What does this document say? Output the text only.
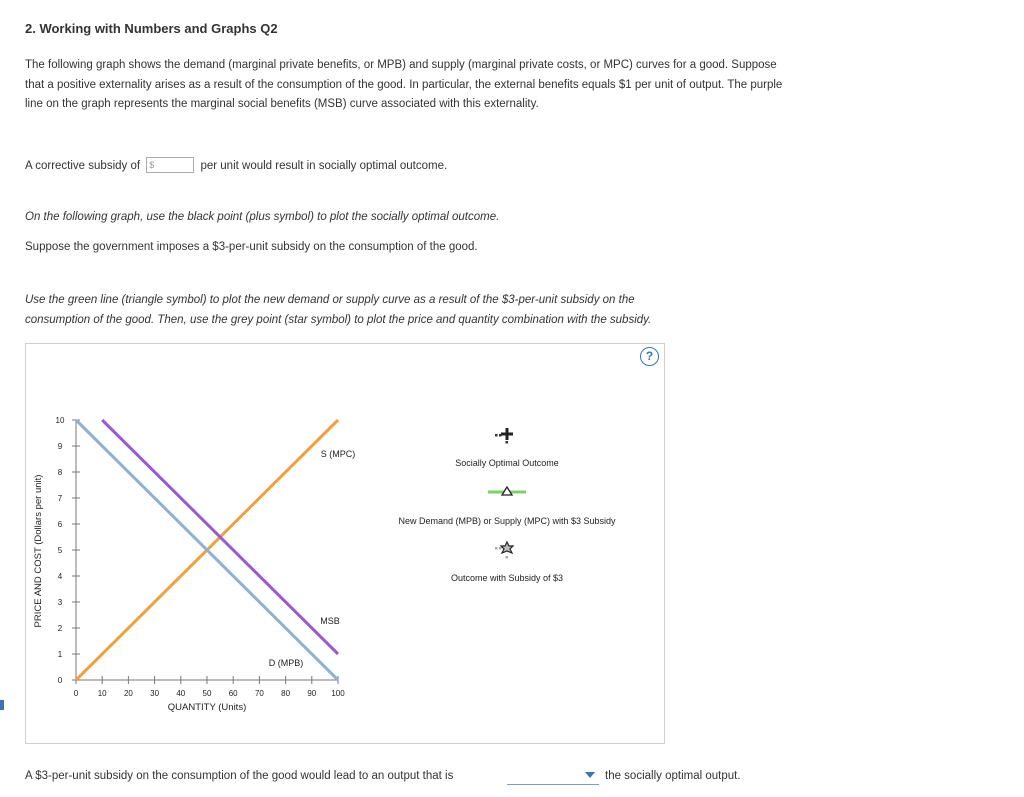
2. Working with Numbers and Graphs Q2
The following graph shows the demand (marginal private benefits, or MPB) and supply (marginal private costs, or MPC) curves for a good. Suppose that a positive externality arises as a result of the consumption of the good. In particular, the external benefits equals $1 per unit of output. The purple line on the graph represents the marginal social benefits (MSB) curve associated with this externality.
A corrective subsidy of $	per unit would result in socially optimal outcome.
On the following graph, use the black point (plus symbol) to plot the socially optimal outcome.
Suppose the government imposes a $3-per-unit subsidy on the consumption of the good.
Use the green line (triangle symbol) to plot the new demand or supply curve as a result of the $3-per-unit subsidy on the
consumption of the good. Then, use the grey point (star symbol) to plot the price and quantity combination with the subsidy.
?
0 10 20 30 40 50 60 70 80 90 100
0
1
2
3
4
5
6
7
8
9
10
PRICE AND COST (Dollars per unit)
QUANTITY (Units)
S (MPC)
D (MPB)
MSB
Socially Optimal Outcome
New Demand (MPB) or Supply (MPC) with $3 Subsidy
Outcome with Subsidy of $3
A $3-per-unit subsidy on the consumption of the good would lead to an output that is	the socially optimal output.
